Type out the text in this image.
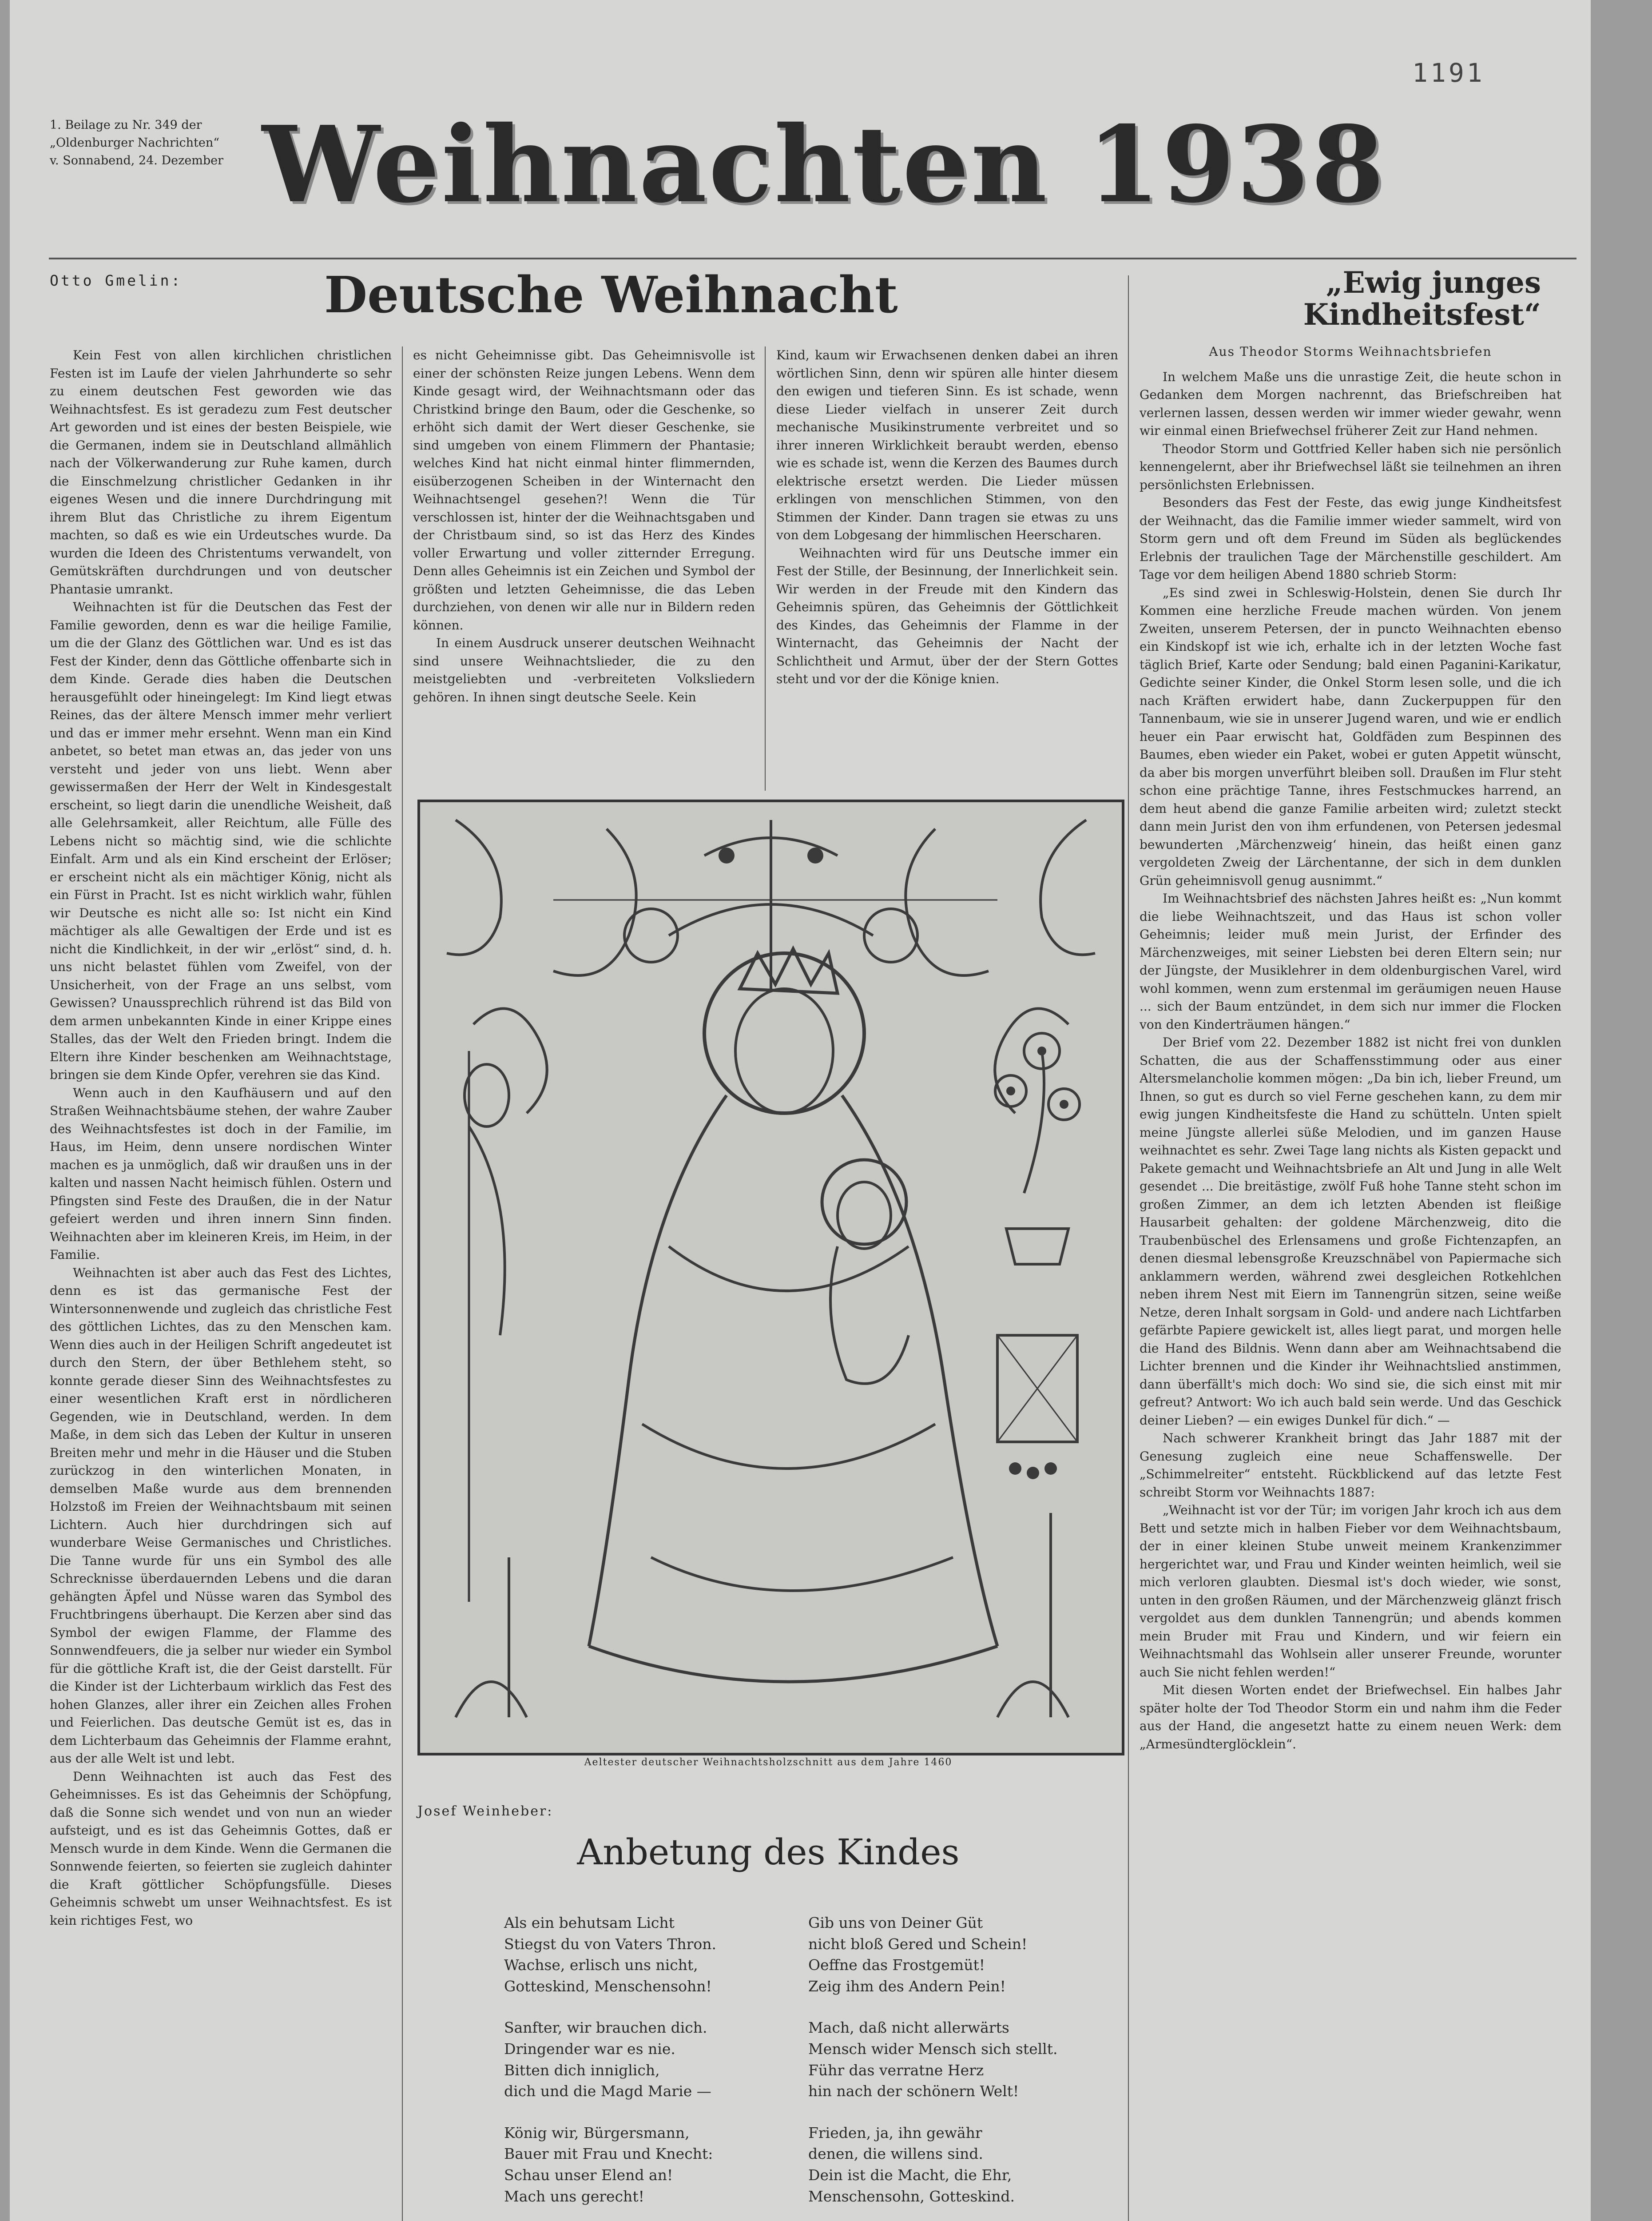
1191
1. Beilage zu Nr. 349 der
„Oldenburger Nachrichten“
v. Sonnabend, 24. Dezember Weihnachten 1938
Otto Gmelin:	Deutsche Weihnacht

Kein Fest von allen kirchlichen christlichen Festen ist im Laufe der vielen Jahrhunderte so sehr zu einem deutschen Fest geworden wie das Weihnachtsfest. Es ist geradezu zum Fest deutscher Art geworden und ist eines der besten Beispiele, wie die Germanen, indem sie in Deutschland allmählich nach der Völkerwanderung zur Ruhe kamen, durch die Einschmelzung christlicher Gedanken in ihr eigenes Wesen und die innere Durchdringung mit ihrem Blut das Christliche zu ihrem Eigentum machten, so daß es wie ein Urdeutsches wurde. Da wurden die Ideen des Christentums verwandelt, von Gemütskräften durchdrungen und von deutscher Phantasie umrankt.

Weihnachten ist für die Deutschen das Fest der Familie geworden, denn es war die heilige Familie, um die der Glanz des Göttlichen war. Und es ist das Fest der Kinder, denn das Göttliche offenbarte sich in dem Kinde. Gerade dies haben die Deutschen herausgefühlt oder hineingelegt: Im Kind liegt etwas Reines, das der ältere Mensch immer mehr verliert und das er immer mehr ersehnt. Wenn man ein Kind anbetet, so betet man etwas an, das jeder von uns versteht und jeder von uns liebt. Wenn aber gewissermaßen der Herr der Welt in Kindesgestalt erscheint, so liegt darin die unendliche Weisheit, daß alle Gelehrsamkeit, aller Reichtum, alle Fülle des Lebens nicht so mächtig sind, wie die schlichte Einfalt. Arm und als ein Kind erscheint der Erlöser; er erscheint nicht als ein mächtiger König, nicht als ein Fürst in Pracht. Ist es nicht wirklich wahr, fühlen wir Deutsche es nicht alle so: Ist nicht ein Kind mächtiger als alle Gewaltigen der Erde und ist es nicht die Kindlichkeit, in der wir „erlöst“ sind, d. h. uns nicht belastet fühlen vom Zweifel, von der Unsicherheit, von der Frage an uns selbst, vom Gewissen? Unaussprechlich rührend ist das Bild von dem armen unbekannten Kinde in einer Krippe eines Stalles, das der Welt den Frieden bringt. Indem die Eltern ihre Kinder beschenken am Weihnachtstage, bringen sie dem Kinde Opfer, verehren sie das Kind.

Wenn auch in den Kaufhäusern und auf den Straßen Weihnachtsbäume stehen, der wahre Zauber des Weihnachtsfestes ist doch in der Familie, im Haus, im Heim, denn unsere nordischen Winter machen es ja unmöglich, daß wir draußen uns in der kalten und nassen Nacht heimisch fühlen. Ostern und Pfingsten sind Feste des Draußen, die in der Natur gefeiert werden und ihren innern Sinn finden. Weihnachten aber im kleineren Kreis, im Heim, in der Familie.

Weihnachten ist aber auch das Fest des Lichtes, denn es ist das germanische Fest der Wintersonnenwende und zugleich das christliche Fest des göttlichen Lichtes, das zu den Menschen kam. Wenn dies auch in der Heiligen Schrift angedeutet ist durch den Stern, der über Bethlehem steht, so konnte gerade dieser Sinn des Weihnachtsfestes zu einer wesentlichen Kraft erst in nördlicheren Gegenden, wie in Deutschland, werden. In dem Maße, in dem sich das Leben der Kultur in unseren Breiten mehr und mehr in die Häuser und die Stuben zurückzog in den winterlichen Monaten, in demselben Maße wurde aus dem brennenden Holzstoß im Freien der Weihnachtsbaum mit seinen Lichtern. Auch hier durchdringen sich auf wunderbare Weise Germanisches und Christliches. Die Tanne wurde für uns ein Symbol des alle Schrecknisse überdauernden Lebens und die daran gehängten Äpfel und Nüsse waren das Symbol des Fruchtbringens überhaupt. Die Kerzen aber sind das Symbol der ewigen Flamme, der Flamme des Sonnwendfeuers, die ja selber nur wieder ein Symbol für die göttliche Kraft ist, die der Geist darstellt. Für die Kinder ist der Lichterbaum wirklich das Fest des hohen Glanzes, aller ihrer ein Zeichen alles Frohen und Feierlichen. Das deutsche Gemüt ist es, das in dem Lichterbaum das Geheimnis der Flamme erahnt, aus der alle Welt ist und lebt.

Denn Weihnachten ist auch das Fest des Geheimnisses. Es ist das Geheimnis der Schöpfung, daß die Sonne sich wendet und von nun an wieder aufsteigt, und es ist das Geheimnis Gottes, daß er Mensch wurde in dem Kinde. Wenn die Germanen die Sonnwende feierten, so feierten sie zugleich dahinter die Kraft göttlicher Schöpfungsfülle. Dieses Geheimnis schwebt um unser Weihnachtsfest. Es ist kein richtiges Fest, wo

es nicht Geheimnisse gibt. Das Geheimnisvolle ist einer der schönsten Reize jungen Lebens. Wenn dem Kinde gesagt wird, der Weihnachtsmann oder das Christkind bringe den Baum, oder die Geschenke, so erhöht sich damit der Wert dieser Geschenke, sie sind umgeben von einem Flimmern der Phantasie; welches Kind hat nicht einmal hinter flimmernden, eisüberzogenen Scheiben in der Winternacht den Weihnachtsengel gesehen?! Wenn die Tür verschlossen ist, hinter der die Weihnachtsgaben und der Christbaum sind, so ist das Herz des Kindes voller Erwartung und voller zitternder Erregung. Denn alles Geheimnis ist ein Zeichen und Symbol der größten und letzten Geheimnisse, die das Leben durchziehen, von denen wir alle nur in Bildern reden können.

In einem Ausdruck unserer deutschen Weihnacht sind unsere Weihnachtslieder, die zu den meistgeliebten und -verbreiteten Volksliedern gehören. In ihnen singt deutsche Seele. Kein

Kind, kaum wir Erwachsenen denken dabei an ihren wörtlichen Sinn, denn wir spüren alle hinter diesem den ewigen und tieferen Sinn. Es ist schade, wenn diese Lieder vielfach in unserer Zeit durch mechanische Musikinstrumente verbreitet und so ihrer inneren Wirklichkeit beraubt werden, ebenso wie es schade ist, wenn die Kerzen des Baumes durch elektrische ersetzt werden. Die Lieder müssen erklingen von menschlichen Stimmen, von den Stimmen der Kinder. Dann tragen sie etwas zu uns von dem Lobgesang der himmlischen Heerscharen.

Weihnachten wird für uns Deutsche immer ein Fest der Stille, der Besinnung, der Innerlichkeit sein. Wir werden in der Freude mit den Kindern das Geheimnis spüren, das Geheimnis der Göttlichkeit des Kindes, das Geheimnis der Flamme in der Winternacht, das Geheimnis der Nacht der Schlichtheit und Armut, über der der Stern Gottes steht und vor der die Könige knien.

„Ewig junges
Kindheitsfest“

Aus Theodor Storms Weihnachtsbriefen

In welchem Maße uns die unrastige Zeit, die heute schon in Gedanken dem Morgen nachrennt, das Briefschreiben hat verlernen lassen, dessen werden wir immer wieder gewahr, wenn wir einmal einen Briefwechsel früherer Zeit zur Hand nehmen.

Theodor Storm und Gottfried Keller haben sich nie persönlich kennengelernt, aber ihr Briefwechsel läßt sie teilnehmen an ihren persönlichsten Erlebnissen.

Besonders das Fest der Feste, das ewig junge Kindheitsfest der Weihnacht, das die Familie immer wieder sammelt, wird von Storm gern und oft dem Freund im Süden als beglückendes Erlebnis der traulichen Tage der Märchenstille geschildert. Am Tage vor dem heiligen Abend 1880 schrieb Storm:

„Es sind zwei in Schleswig-Holstein, denen Sie durch Ihr Kommen eine herzliche Freude machen würden. Von jenem Zweiten, unserem Petersen, der in puncto Weihnachten ebenso ein Kindskopf ist wie ich, erhalte ich in der letzten Woche fast täglich Brief, Karte oder Sendung; bald einen Paganini-Karikatur, Gedichte seiner Kinder, die Onkel Storm lesen solle, und die ich nach Kräften erwidert habe, dann Zuckerpuppen für den Tannenbaum, wie sie in unserer Jugend waren, und wie er endlich heuer ein Paar erwischt hat, Goldfäden zum Bespinnen des Baumes, eben wieder ein Paket, wobei er guten Appetit wünscht, da aber bis morgen unverführt bleiben soll. Draußen im Flur steht schon eine prächtige Tanne, ihres Festschmuckes harrend, an dem heut abend die ganze Familie arbeiten wird; zuletzt steckt dann mein Jurist den von ihm erfundenen, von Petersen jedesmal bewunderten ‚Märchenzweig‘ hinein, das heißt einen ganz vergoldeten Zweig der Lärchentanne, der sich in dem dunklen Grün geheimnisvoll genug ausnimmt.“

Im Weihnachtsbrief des nächsten Jahres heißt es: „Nun kommt die liebe Weihnachtszeit, und das Haus ist schon voller Geheimnis; leider muß mein Jurist, der Erfinder des Märchenzweiges, mit seiner Liebsten bei deren Eltern sein; nur der Jüngste, der Musiklehrer in dem oldenburgischen Varel, wird wohl kommen, wenn zum erstenmal im geräumigen neuen Hause ... sich der Baum entzündet, in dem sich nur immer die Flocken von den Kinderträumen hängen.“

Der Brief vom 22. Dezember 1882 ist nicht frei von dunklen Schatten, die aus der Schaffensstimmung oder aus einer Altersmelancholie kommen mögen: „Da bin ich, lieber Freund, um Ihnen, so gut es durch so viel Ferne geschehen kann, zu dem mir ewig jungen Kindheitsfeste die Hand zu schütteln. Unten spielt meine Jüngste allerlei süße Melodien, und im ganzen Hause weihnachtet es sehr. Zwei Tage lang nichts als Kisten gepackt und Pakete gemacht und Weihnachtsbriefe an Alt und Jung in alle Welt gesendet ... Die breitästige, zwölf Fuß hohe Tanne steht schon im großen Zimmer, an dem ich letzten Abenden ist fleißige Hausarbeit gehalten: der goldene Märchenzweig, dito die Traubenbüschel des Erlensamens und große Fichtenzapfen, an denen diesmal lebensgroße Kreuzschnäbel von Papiermache sich anklammern werden, während zwei desgleichen Rotkehlchen neben ihrem Nest mit Eiern im Tannengrün sitzen, seine weiße Netze, deren Inhalt sorgsam in Gold- und andere nach Lichtfarben gefärbte Papiere gewickelt ist, alles liegt parat, und morgen helle die Hand des Bildnis. Wenn dann aber am Weihnachtsabend die Lichter brennen und die Kinder ihr Weihnachtslied anstimmen, dann überfällt's mich doch: Wo sind sie, die sich einst mit mir gefreut? Antwort: Wo ich auch bald sein werde. Und das Geschick deiner Lieben? — ein ewiges Dunkel für dich.“ —

Nach schwerer Krankheit bringt das Jahr 1887 mit der Genesung zugleich eine neue Schaffenswelle. Der „Schimmelreiter“ entsteht. Rückblickend auf das letzte Fest schreibt Storm vor Weihnachts 1887:

„Weihnacht ist vor der Tür; im vorigen Jahr kroch ich aus dem Bett und setzte mich in halben Fieber vor dem Weihnachtsbaum, der in einer kleinen Stube unweit meinem Krankenzimmer hergerichtet war, und Frau und Kinder weinten heimlich, weil sie mich verloren glaubten. Diesmal ist's doch wieder, wie sonst, unten in den großen Räumen, und der Märchenzweig glänzt frisch vergoldet aus dem dunklen Tannengrün; und abends kommen mein Bruder mit Frau und Kindern, und wir feiern ein Weihnachtsmahl das Wohlsein aller unserer Freunde, worunter auch Sie nicht fehlen werden!“

Mit diesen Worten endet der Briefwechsel. Ein halbes Jahr später holte der Tod Theodor Storm ein und nahm ihm die Feder aus der Hand, die angesetzt hatte zu einem neuen Werk: dem „Armesündterglöcklein“.

Aeltester deutscher Weihnachtsholzschnitt aus dem Jahre 1460
Josef Weinheber:
Anbetung des Kindes

Als ein behutsam Licht

Stiegst du von Vaters Thron.

Wachse, erlisch uns nicht,

Gotteskind, Menschensohn!

Sanfter, wir brauchen dich.

Dringender war es nie.

Bitten dich inniglich,

dich und die Magd Marie —

König wir, Bürgersmann,

Bauer mit Frau und Knecht:

Schau unser Elend an!

Mach uns gerecht!

Gib uns von Deiner Güt

nicht bloß Gered und Schein!

Oeffne das Frostgemüt!

Zeig ihm des Andern Pein!

Mach, daß nicht allerwärts

Mensch wider Mensch sich stellt.

Führ das verratne Herz

hin nach der schönern Welt!

Frieden, ja, ihn gewähr

denen, die willens sind.

Dein ist die Macht, die Ehr,

Menschensohn, Gotteskind.
